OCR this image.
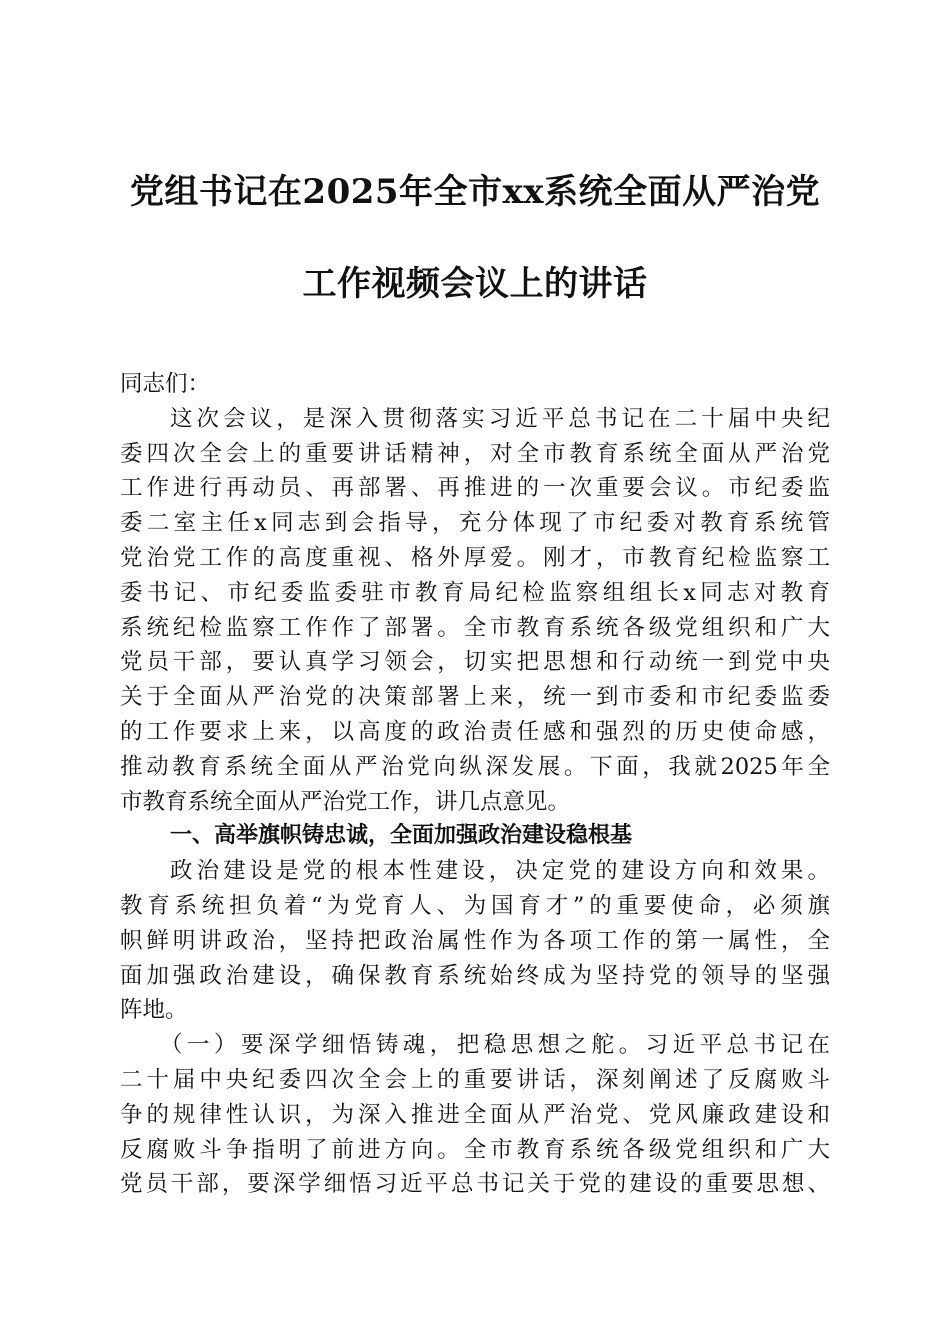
党组书记在2025年全市xx系统全面从严治党
工作视频会议上的讲话

同志们：

这次会议，是深入贯彻落实习近平总书记在二十届中央纪
委四次全会上的重要讲话精神，对全市教育系统全面从严治党
工作进行再动员、再部署、再推进的一次重要会议。市纪委监
委二室主任x同志到会指导，充分体现了市纪委对教育系统管
党治党工作的高度重视、格外厚爱。刚才，市教育纪检监察工
委书记、市纪委监委驻市教育局纪检监察组组长x同志对教育
系统纪检监察工作作了部署。全市教育系统各级党组织和广大
党员干部，要认真学习领会，切实把思想和行动统一到党中央
关于全面从严治党的决策部署上来，统一到市委和市纪委监委
的工作要求上来，以高度的政治责任感和强烈的历史使命感，
推动教育系统全面从严治党向纵深发展。下面，我就2025年全
市教育系统全面从严治党工作，讲几点意见。

一、高举旗帜铸忠诚，全面加强政治建设稳根基

政治建设是党的根本性建设，决定党的建设方向和效果。
教育系统担负着“为党育人、为国育才”的重要使命，必须旗
帜鲜明讲政治，坚持把政治属性作为各项工作的第一属性，全
面加强政治建设，确保教育系统始终成为坚持党的领导的坚强
阵地。

（一）要深学细悟铸魂，把稳思想之舵。习近平总书记在
二十届中央纪委四次全会上的重要讲话，深刻阐述了反腐败斗
争的规律性认识，为深入推进全面从严治党、党风廉政建设和
反腐败斗争指明了前进方向。全市教育系统各级党组织和广大
党员干部，要深学细悟习近平总书记关于党的建设的重要思想、
